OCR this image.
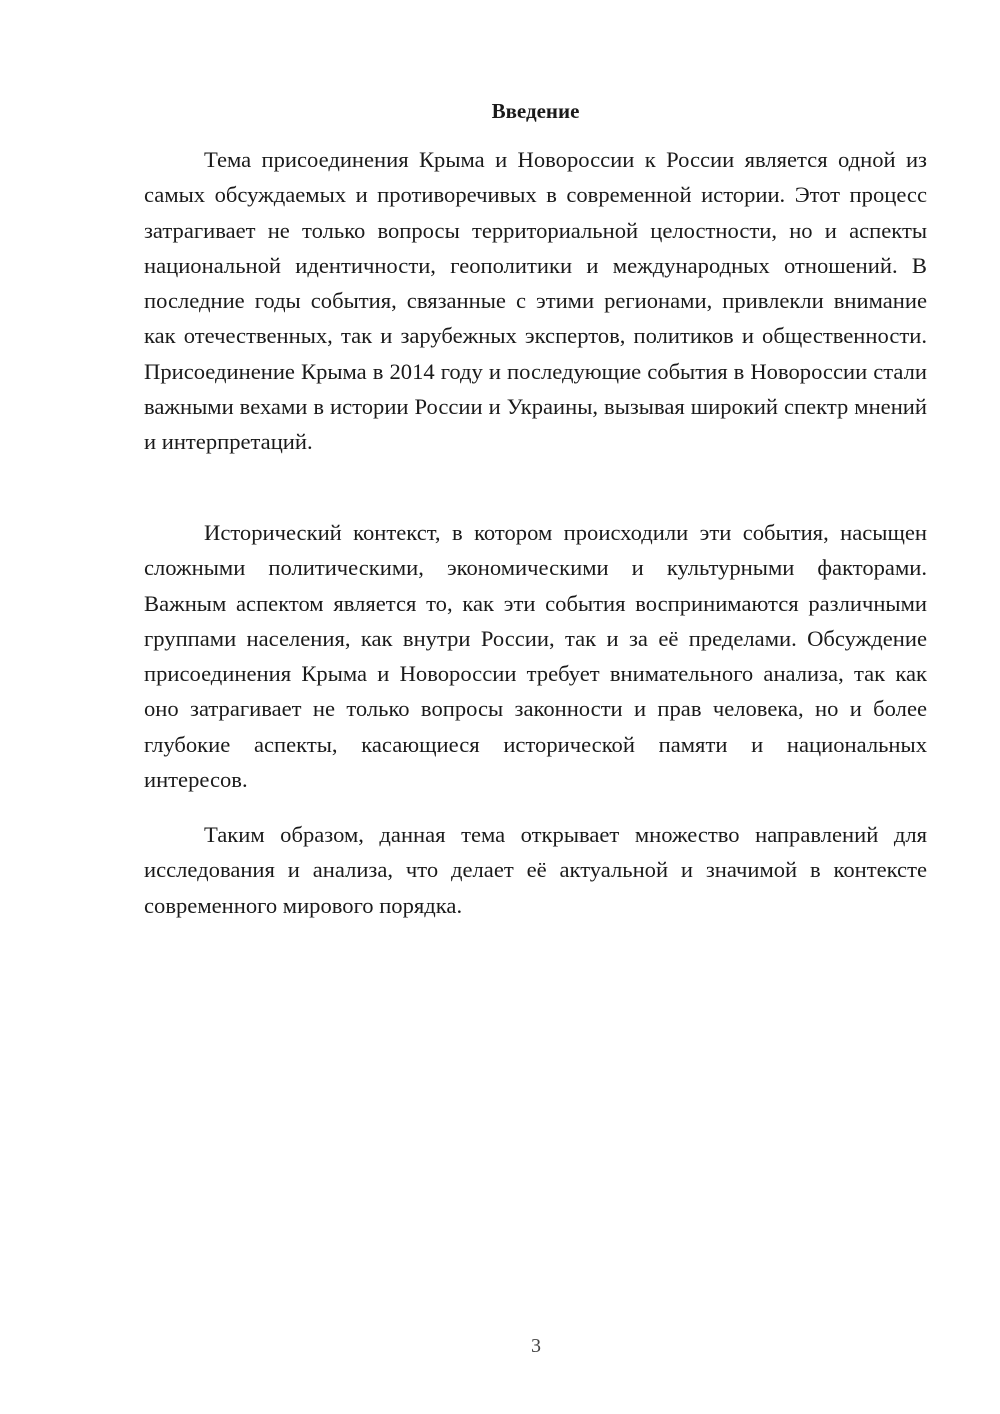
Введение

Тема присоединения Крыма и Новороссии к России является одной из самых обсуждаемых и противоречивых в современной истории. Этот процесс затрагивает не только вопросы территориальной целостности, но и аспекты национальной идентичности, геополитики и международных отношений. В последние годы события, связанные с этими регионами, привлекли внимание как отечественных, так и зарубежных экспертов, политиков и общественности. Присоединение Крыма в 2014 году и последующие события в Новороссии стали важными вехами в истории России и Украины, вызывая широкий спектр мнений и интерпретаций.

Исторический контекст, в котором происходили эти события, насыщен сложными политическими, экономическими и культурными факторами. Важным аспектом является то, как эти события воспринимаются различными группами населения, как внутри России, так и за её пределами. Обсуждение присоединения Крыма и Новороссии требует внимательного анализа, так как оно затрагивает не только вопросы законности и прав человека, но и более глубокие аспекты, касающиеся исторической памяти и национальных интересов.

Таким образом, данная тема открывает множество направлений для исследования и анализа, что делает её актуальной и значимой в контексте современного мирового порядка.

3
